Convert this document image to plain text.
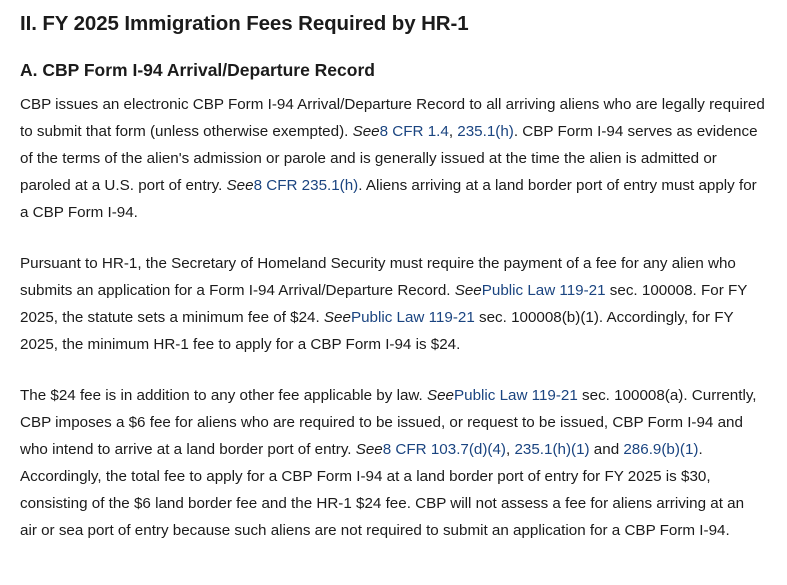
II. FY 2025 Immigration Fees Required by HR-1
A. CBP Form I-94 Arrival/Departure Record

CBP issues an electronic CBP Form I-94 Arrival/Departure Record to all arriving aliens who are legally required to submit that form (unless otherwise exempted). See8 CFR 1.4, 235.1(h). CBP Form I-94 serves as evidence of the terms of the alien's admission or parole and is generally issued at the time the alien is admitted or paroled at a U.S. port of entry. See8 CFR 235.1(h). Aliens arriving at a land border port of entry must apply for a CBP Form I-94.

Pursuant to HR-1, the Secretary of Homeland Security must require the payment of a fee for any alien who submits an application for a Form I-94 Arrival/Departure Record. SeePublic Law 119-21 sec. 100008. For FY 2025, the statute sets a minimum fee of $24. SeePublic Law 119-21 sec. 100008(b)(1). Accordingly, for FY 2025, the minimum HR-1 fee to apply for a CBP Form I-94 is $24.

The $24 fee is in addition to any other fee applicable by law. SeePublic Law 119-21 sec. 100008(a). Currently, CBP imposes a $6 fee for aliens who are required to be issued, or request to be issued, CBP Form I-94 and who intend to arrive at a land border port of entry. See8 CFR 103.7(d)(4), 235.1(h)(1) and 286.9(b)(1). Accordingly, the total fee to apply for a CBP Form I-94 at a land border port of entry for FY 2025 is $30, consisting of the $6 land border fee and the HR-1 $24 fee. CBP will not assess a fee for aliens arriving at an air or sea port of entry because such aliens are not required to submit an application for a CBP Form I-94.
